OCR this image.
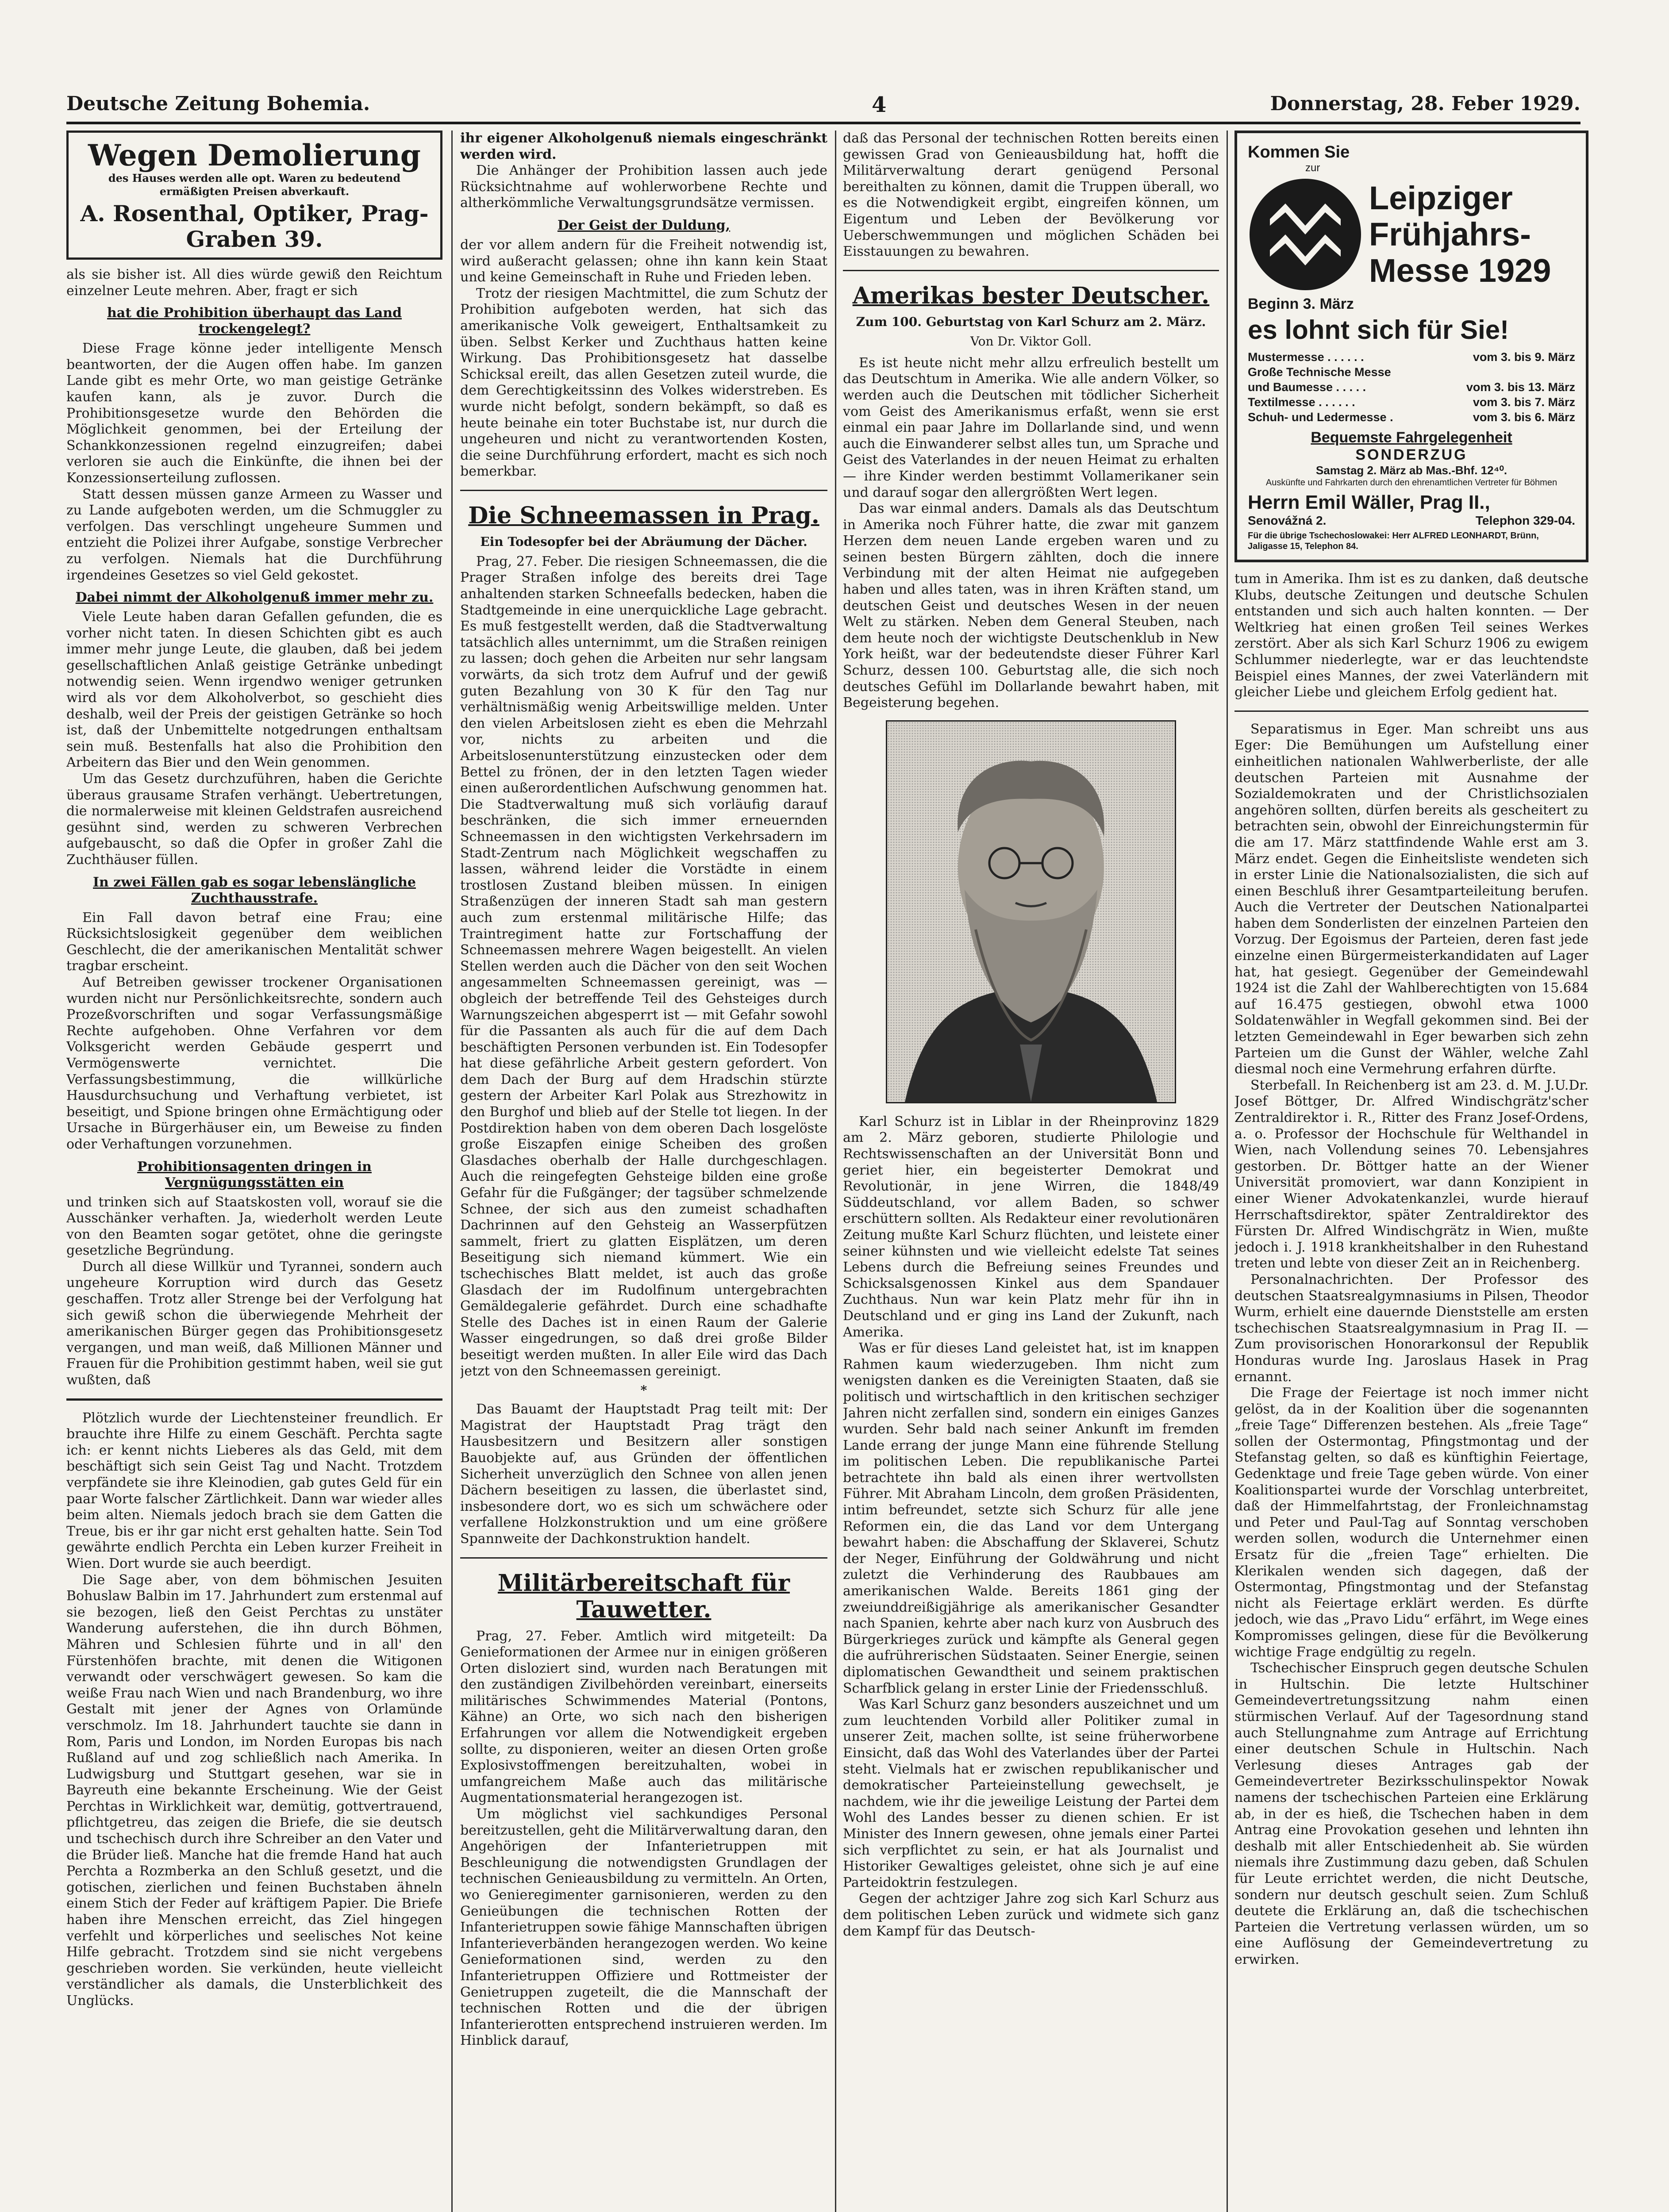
Deutsche Zeitung Bohemia.	4	Donnerstag, 28. Feber 1929.
Wegen Demolierung
des Hauses werden alle opt. Waren zu bedeutend ermäßigten Preisen abverkauft.
A. Rosenthal, Optiker, Prag-Graben 39.

als sie bisher ist. All dies würde gewiß den Reichtum einzelner Leute mehren. Aber, fragt er sich

hat die Prohibition überhaupt das Land trockengelegt?

Diese Frage könne jeder intelligente Mensch beantworten, der die Augen offen habe. Im ganzen Lande gibt es mehr Orte, wo man geistige Getränke kaufen kann, als je zuvor. Durch die Prohibitionsgesetze wurde den Behörden die Möglichkeit genommen, bei der Erteilung der Schankkonzessionen regelnd einzugreifen; dabei verloren sie auch die Einkünfte, die ihnen bei der Konzessionserteilung zuflossen.

Statt dessen müssen ganze Armeen zu Wasser und zu Lande aufgeboten werden, um die Schmuggler zu verfolgen. Das verschlingt ungeheure Summen und entzieht die Polizei ihrer Aufgabe, sonstige Verbrecher zu verfolgen. Niemals hat die Durchführung irgendeines Gesetzes so viel Geld gekostet.

Dabei nimmt der Alkoholgenuß immer mehr zu.

Viele Leute haben daran Gefallen gefunden, die es vorher nicht taten. In diesen Schichten gibt es auch immer mehr junge Leute, die glauben, daß bei jedem gesellschaftlichen Anlaß geistige Getränke unbedingt notwendig seien. Wenn irgendwo weniger getrunken wird als vor dem Alkoholverbot, so geschieht dies deshalb, weil der Preis der geistigen Getränke so hoch ist, daß der Unbemittelte notgedrungen enthaltsam sein muß. Bestenfalls hat also die Prohibition den Arbeitern das Bier und den Wein genommen.

Um das Gesetz durchzuführen, haben die Gerichte überaus grausame Strafen verhängt. Uebertretungen, die normalerweise mit kleinen Geldstrafen ausreichend gesühnt sind, werden zu schweren Verbrechen aufgebauscht, so daß die Opfer in großer Zahl die Zuchthäuser füllen.

In zwei Fällen gab es sogar lebenslängliche Zuchthausstrafe.

Ein Fall davon betraf eine Frau; eine Rücksichtslosigkeit gegenüber dem weiblichen Geschlecht, die der amerikanischen Mentalität schwer tragbar erscheint.

Auf Betreiben gewisser trockener Organisationen wurden nicht nur Persönlichkeitsrechte, sondern auch Prozeßvorschriften und sogar Verfassungsmäßige Rechte aufgehoben. Ohne Verfahren vor dem Volksgericht werden Gebäude gesperrt und Vermögenswerte vernichtet. Die Verfassungsbestimmung, die willkürliche Hausdurchsuchung und Verhaftung verbietet, ist beseitigt, und Spione bringen ohne Ermächtigung oder Ursache in Bürgerhäuser ein, um Beweise zu finden oder Verhaftungen vorzunehmen.

Prohibitionsagenten dringen in Vergnügungsstätten ein

und trinken sich auf Staatskosten voll, worauf sie die Ausschänker verhaften. Ja, wiederholt werden Leute von den Beamten sogar getötet, ohne die geringste gesetzliche Begründung.

Durch all diese Willkür und Tyrannei, sondern auch ungeheure Korruption wird durch das Gesetz geschaffen. Trotz aller Strenge bei der Verfolgung hat sich gewiß schon die überwiegende Mehrheit der amerikanischen Bürger gegen das Prohibitionsgesetz vergangen, und man weiß, daß Millionen Männer und Frauen für die Prohibition gestimmt haben, weil sie gut wußten, daß

Plötzlich wurde der Liechtensteiner freundlich. Er brauchte ihre Hilfe zu einem Geschäft. Perchta sagte ich: er kennt nichts Lieberes als das Geld, mit dem beschäftigt sich sein Geist Tag und Nacht. Trotzdem verpfändete sie ihre Kleinodien, gab gutes Geld für ein paar Worte falscher Zärtlichkeit. Dann war wieder alles beim alten. Niemals jedoch brach sie dem Gatten die Treue, bis er ihr gar nicht erst gehalten hatte. Sein Tod gewährte endlich Perchta ein Leben kurzer Freiheit in Wien. Dort wurde sie auch beerdigt.

Die Sage aber, von dem böhmischen Jesuiten Bohuslaw Balbin im 17. Jahrhundert zum erstenmal auf sie bezogen, ließ den Geist Perchtas zu unstäter Wanderung auferstehen, die ihn durch Böhmen, Mähren und Schlesien führte und in all' den Fürstenhöfen brachte, mit denen die Witigonen verwandt oder verschwägert gewesen. So kam die weiße Frau nach Wien und nach Brandenburg, wo ihre Gestalt mit jener der Agnes von Orlamünde verschmolz. Im 18. Jahrhundert tauchte sie dann in Rom, Paris und London, im Norden Europas bis nach Rußland auf und zog schließlich nach Amerika. In Ludwigsburg und Stuttgart gesehen, war sie in Bayreuth eine bekannte Erscheinung. Wie der Geist Perchtas in Wirklichkeit war, demütig, gottvertrauend, pflichtgetreu, das zeigen die Briefe, die sie deutsch und tschechisch durch ihre Schreiber an den Vater und die Brüder ließ. Manche hat die fremde Hand hat auch Perchta a Rozmberka an den Schluß gesetzt, und die gotischen, zierlichen und feinen Buchstaben ähneln einem Stich der Feder auf kräftigem Papier. Die Briefe haben ihre Menschen erreicht, das Ziel hingegen verfehlt und körperliches und seelisches Not keine Hilfe gebracht. Trotzdem sind sie nicht vergebens geschrieben worden. Sie verkünden, heute vielleicht verständlicher als damals, die Unsterblichkeit des Unglücks.

ihr eigener Alkoholgenuß niemals eingeschränkt werden wird.

Die Anhänger der Prohibition lassen auch jede Rücksichtnahme auf wohlerworbene Rechte und altherkömmliche Verwaltungsgrundsätze vermissen.

Der Geist der Duldung,

der vor allem andern für die Freiheit notwendig ist, wird außeracht gelassen; ohne ihn kann kein Staat und keine Gemeinschaft in Ruhe und Frieden leben.

Trotz der riesigen Machtmittel, die zum Schutz der Prohibition aufgeboten werden, hat sich das amerikanische Volk geweigert, Enthaltsamkeit zu üben. Selbst Kerker und Zuchthaus hatten keine Wirkung. Das Prohibitionsgesetz hat dasselbe Schicksal ereilt, das allen Gesetzen zuteil wurde, die dem Gerechtigkeitssinn des Volkes widerstreben. Es wurde nicht befolgt, sondern bekämpft, so daß es heute beinahe ein toter Buchstabe ist, nur durch die ungeheuren und nicht zu verantwortenden Kosten, die seine Durchführung erfordert, macht es sich noch bemerkbar.

Die Schneemassen in Prag.
Ein Todesopfer bei der Abräumung der Dächer.

Prag, 27. Feber. Die riesigen Schneemassen, die die Prager Straßen infolge des bereits drei Tage anhaltenden starken Schneefalls bedecken, haben die Stadtgemeinde in eine unerquickliche Lage gebracht. Es muß festgestellt werden, daß die Stadtverwaltung tatsächlich alles unternimmt, um die Straßen reinigen zu lassen; doch gehen die Arbeiten nur sehr langsam vorwärts, da sich trotz dem Aufruf und der gewiß guten Bezahlung von 30 K für den Tag nur verhältnismäßig wenig Arbeitswillige melden. Unter den vielen Arbeitslosen zieht es eben die Mehrzahl vor, nichts zu arbeiten und die Arbeitslosenunterstützung einzustecken oder dem Bettel zu frönen, der in den letzten Tagen wieder einen außerordentlichen Aufschwung genommen hat. Die Stadtverwaltung muß sich vorläufig darauf beschränken, die sich immer erneuernden Schneemassen in den wichtigsten Verkehrsadern im Stadt-Zentrum nach Möglichkeit wegschaffen zu lassen, während leider die Vorstädte in einem trostlosen Zustand bleiben müssen. In einigen Straßenzügen der inneren Stadt sah man gestern auch zum erstenmal militärische Hilfe; das Traintregiment hatte zur Fortschaffung der Schneemassen mehrere Wagen beigestellt. An vielen Stellen werden auch die Dächer von den seit Wochen angesammelten Schneemassen gereinigt, was — obgleich der betreffende Teil des Gehsteiges durch Warnungszeichen abgesperrt ist — mit Gefahr sowohl für die Passanten als auch für die auf dem Dach beschäftigten Personen verbunden ist. Ein Todesopfer hat diese gefährliche Arbeit gestern gefordert. Von dem Dach der Burg auf dem Hradschin stürzte gestern der Arbeiter Karl Polak aus Strezhowitz in den Burghof und blieb auf der Stelle tot liegen. In der Postdirektion haben von dem oberen Dach losgelöste große Eiszapfen einige Scheiben des großen Glasdaches oberhalb der Halle durchgeschlagen. Auch die reingefegten Gehsteige bilden eine große Gefahr für die Fußgänger; der tagsüber schmelzende Schnee, der sich aus den zumeist schadhaften Dachrinnen auf den Gehsteig an Wasserpfützen sammelt, friert zu glatten Eisplätzen, um deren Beseitigung sich niemand kümmert. Wie ein tschechisches Blatt meldet, ist auch das große Glasdach der im Rudolfinum untergebrachten Gemäldegalerie gefährdet. Durch eine schadhafte Stelle des Daches ist in einen Raum der Galerie Wasser eingedrungen, so daß drei große Bilder beseitigt werden mußten. In aller Eile wird das Dach jetzt von den Schneemassen gereinigt.

*

Das Bauamt der Hauptstadt Prag teilt mit: Der Magistrat der Hauptstadt Prag trägt den Hausbesitzern und Besitzern aller sonstigen Bauobjekte auf, aus Gründen der öffentlichen Sicherheit unverzüglich den Schnee von allen jenen Dächern beseitigen zu lassen, die überlastet sind, insbesondere dort, wo es sich um schwächere oder verfallene Holzkonstruktion und um eine größere Spannweite der Dachkonstruktion handelt.

Militärbereitschaft für Tauwetter.

Prag, 27. Feber. Amtlich wird mitgeteilt: Da Genieformationen der Armee nur in einigen größeren Orten disloziert sind, wurden nach Beratungen mit den zuständigen Zivilbehörden vereinbart, einerseits militärisches Schwimmendes Material (Pontons, Kähne) an Orte, wo sich nach den bisherigen Erfahrungen vor allem die Notwendigkeit ergeben sollte, zu disponieren, weiter an diesen Orten große Explosivstoffmengen bereitzuhalten, wobei in umfangreichem Maße auch das militärische Augmentationsmaterial herangezogen ist.

Um möglichst viel sachkundiges Personal bereitzustellen, geht die Militärverwaltung daran, den Angehörigen der Infanterietruppen mit Beschleunigung die notwendigsten Grundlagen der technischen Genieausbildung zu vermitteln. An Orten, wo Genieregimenter garnisonieren, werden zu den Genieübungen die technischen Rotten der Infanterietruppen sowie fähige Mannschaften übrigen Infanterieverbänden herangezogen werden. Wo keine Genieformationen sind, werden zu den Infanterietruppen Offiziere und Rottmeister der Genietruppen zugeteilt, die die Mannschaft der technischen Rotten und die der übrigen Infanterierotten entsprechend instruieren werden. Im Hinblick darauf,

daß das Personal der technischen Rotten bereits einen gewissen Grad von Genieausbildung hat, hofft die Militärverwaltung derart genügend Personal bereithalten zu können, damit die Truppen überall, wo es die Notwendigkeit ergibt, eingreifen können, um Eigentum und Leben der Bevölkerung vor Ueberschwemmungen und möglichen Schäden bei Eisstauungen zu bewahren.

Amerikas bester Deutscher.
Zum 100. Geburtstag von Karl Schurz am 2. März.
Von Dr. Viktor Goll.

Es ist heute nicht mehr allzu erfreulich bestellt um das Deutschtum in Amerika. Wie alle andern Völker, so werden auch die Deutschen mit tödlicher Sicherheit vom Geist des Amerikanismus erfaßt, wenn sie erst einmal ein paar Jahre im Dollarlande sind, und wenn auch die Einwanderer selbst alles tun, um Sprache und Geist des Vaterlandes in der neuen Heimat zu erhalten — ihre Kinder werden bestimmt Vollamerikaner sein und darauf sogar den allergrößten Wert legen.

Das war einmal anders. Damals als das Deutschtum in Amerika noch Führer hatte, die zwar mit ganzem Herzen dem neuen Lande ergeben waren und zu seinen besten Bürgern zählten, doch die innere Verbindung mit der alten Heimat nie aufgegeben haben und alles taten, was in ihren Kräften stand, um deutschen Geist und deutsches Wesen in der neuen Welt zu stärken. Neben dem General Steuben, nach dem heute noch der wichtigste Deutschenklub in New York heißt, war der bedeutendste dieser Führer Karl Schurz, dessen 100. Geburtstag alle, die sich noch deutsches Gefühl im Dollarlande bewahrt haben, mit Begeisterung begehen.

Karl Schurz ist in Liblar in der Rheinprovinz 1829 am 2. März geboren, studierte Philologie und Rechtswissenschaften an der Universität Bonn und geriet hier, ein begeisterter Demokrat und Revolutionär, in jene Wirren, die 1848/49 Süddeutschland, vor allem Baden, so schwer erschüttern sollten. Als Redakteur einer revolutionären Zeitung mußte Karl Schurz flüchten, und leistete einer seiner kühnsten und wie vielleicht edelste Tat seines Lebens durch die Befreiung seines Freundes und Schicksalsgenossen Kinkel aus dem Spandauer Zuchthaus. Nun war kein Platz mehr für ihn in Deutschland und er ging ins Land der Zukunft, nach Amerika.

Was er für dieses Land geleistet hat, ist im knappen Rahmen kaum wiederzugeben. Ihm nicht zum wenigsten danken es die Vereinigten Staaten, daß sie politisch und wirtschaftlich in den kritischen sechziger Jahren nicht zerfallen sind, sondern ein einiges Ganzes wurden. Sehr bald nach seiner Ankunft im fremden Lande errang der junge Mann eine führende Stellung im politischen Leben. Die republikanische Partei betrachtete ihn bald als einen ihrer wertvollsten Führer. Mit Abraham Lincoln, dem großen Präsidenten, intim befreundet, setzte sich Schurz für alle jene Reformen ein, die das Land vor dem Untergang bewahrt haben: die Abschaffung der Sklaverei, Schutz der Neger, Einführung der Goldwährung und nicht zuletzt die Verhinderung des Raubbaues am amerikanischen Walde. Bereits 1861 ging der zweiunddreißigjährige als amerikanischer Gesandter nach Spanien, kehrte aber nach kurz von Ausbruch des Bürgerkrieges zurück und kämpfte als General gegen die aufrührerischen Südstaaten. Seiner Energie, seinen diplomatischen Gewandtheit und seinem praktischen Scharfblick gelang in erster Linie der Friedensschluß.

Was Karl Schurz ganz besonders auszeichnet und um zum leuchtenden Vorbild aller Politiker zumal in unserer Zeit, machen sollte, ist seine früherworbene Einsicht, daß das Wohl des Vaterlandes über der Partei steht. Vielmals hat er zwischen republikanischer und demokratischer Parteieinstellung gewechselt, je nachdem, wie ihr die jeweilige Leistung der Partei dem Wohl des Landes besser zu dienen schien. Er ist Minister des Innern gewesen, ohne jemals einer Partei sich verpflichtet zu sein, er hat als Journalist und Historiker Gewaltiges geleistet, ohne sich je auf eine Parteidoktrin festzulegen.

Gegen der achtziger Jahre zog sich Karl Schurz aus dem politischen Leben zurück und widmete sich ganz dem Kampf für das Deutsch-

Kommen Sie
zur
Leipziger
Frühjahrs-
Messe 1929
Beginn 3. März
es lohnt sich für Sie!
Mustermesse . . . . . .	vom 3. bis 9. März
Große Technische Messe
und Baumesse . . . . .	vom 3. bis 13. März
Textilmesse . . . . . .	vom 3. bis 7. März
Schuh- und Ledermesse .	vom 3. bis 6. März
Bequemste Fahrgelegenheit
SONDERZUG
Samstag 2. März ab Mas.-Bhf. 12⁴⁰.
Auskünfte und Fahrkarten durch den ehrenamtlichen Vertreter für Böhmen
Herrn Emil Wäller, Prag II.,
Senovážná 2.	Telephon 329-04.
Für die übrige Tschechoslowakei: Herr ALFRED LEONHARDT, Brünn, Jaligasse 15, Telephon 84.

tum in Amerika. Ihm ist es zu danken, daß deutsche Klubs, deutsche Zeitungen und deutsche Schulen entstanden und sich auch halten konnten. — Der Weltkrieg hat einen großen Teil seines Werkes zerstört. Aber als sich Karl Schurz 1906 zu ewigem Schlummer niederlegte, war er das leuchtendste Beispiel eines Mannes, der zwei Vaterländern mit gleicher Liebe und gleichem Erfolg gedient hat.

Separatismus in Eger. Man schreibt uns aus Eger: Die Bemühungen um Aufstellung einer einheitlichen nationalen Wahlwerberliste, der alle deutschen Parteien mit Ausnahme der Sozialdemokraten und der Christlichsozialen angehören sollten, dürfen bereits als gescheitert zu betrachten sein, obwohl der Einreichungstermin für die am 17. März stattfindende Wahle erst am 3. März endet. Gegen die Einheitsliste wendeten sich in erster Linie die Nationalsozialisten, die sich auf einen Beschluß ihrer Gesamtparteileitung berufen. Auch die Vertreter der Deutschen Nationalpartei haben dem Sonderlisten der einzelnen Parteien den Vorzug. Der Egoismus der Parteien, deren fast jede einzelne einen Bürgermeisterkandidaten auf Lager hat, hat gesiegt. Gegenüber der Gemeindewahl 1924 ist die Zahl der Wahlberechtigten von 15.684 auf 16.475 gestiegen, obwohl etwa 1000 Soldatenwähler in Wegfall gekommen sind. Bei der letzten Gemeindewahl in Eger bewarben sich zehn Parteien um die Gunst der Wähler, welche Zahl diesmal noch eine Vermehrung erfahren dürfte.

Sterbefall. In Reichenberg ist am 23. d. M. J.U.Dr. Josef Böttger, Dr. Alfred Windischgrätz'scher Zentraldirektor i. R., Ritter des Franz Josef-Ordens, a. o. Professor der Hochschule für Welthandel in Wien, nach Vollendung seines 70. Lebensjahres gestorben. Dr. Böttger hatte an der Wiener Universität promoviert, war dann Konzipient in einer Wiener Advokatenkanzlei, wurde hierauf Herrschaftsdirektor, später Zentraldirektor des Fürsten Dr. Alfred Windischgrätz in Wien, mußte jedoch i. J. 1918 krankheitshalber in den Ruhestand treten und lebte von dieser Zeit an in Reichenberg.

Personalnachrichten. Der Professor des deutschen Staatsrealgymnasiums in Pilsen, Theodor Wurm, erhielt eine dauernde Dienststelle am ersten tschechischen Staatsrealgymnasium in Prag II. — Zum provisorischen Honorarkonsul der Republik Honduras wurde Ing. Jaroslaus Hasek in Prag ernannt.

Die Frage der Feiertage ist noch immer nicht gelöst, da in der Koalition über die sogenannten „freie Tage“ Differenzen bestehen. Als „freie Tage“ sollen der Ostermontag, Pfingstmontag und der Stefanstag gelten, so daß es künftighin Feiertage, Gedenktage und freie Tage geben würde. Von einer Koalitionspartei wurde der Vorschlag unterbreitet, daß der Himmelfahrtstag, der Fronleichnamstag und Peter und Paul-Tag auf Sonntag verschoben werden sollen, wodurch die Unternehmer einen Ersatz für die „freien Tage“ erhielten. Die Klerikalen wenden sich dagegen, daß der Ostermontag, Pfingstmontag und der Stefanstag nicht als Feiertage erklärt werden. Es dürfte jedoch, wie das „Pravo Lidu“ erfährt, im Wege eines Kompromisses gelingen, diese für die Bevölkerung wichtige Frage endgültig zu regeln.

Tschechischer Einspruch gegen deutsche Schulen in Hultschin. Die letzte Hultschiner Gemeindevertretungssitzung nahm einen stürmischen Verlauf. Auf der Tagesordnung stand auch Stellungnahme zum Antrage auf Errichtung einer deutschen Schule in Hultschin. Nach Verlesung dieses Antrages gab der Gemeindevertreter Bezirksschulinspektor Nowak namens der tschechischen Parteien eine Erklärung ab, in der es hieß, die Tschechen haben in dem Antrag eine Provokation gesehen und lehnten ihn deshalb mit aller Entschiedenheit ab. Sie würden niemals ihre Zustimmung dazu geben, daß Schulen für Leute errichtet werden, die nicht Deutsche, sondern nur deutsch geschult seien. Zum Schluß deutete die Erklärung an, daß die tschechischen Parteien die Vertretung verlassen würden, um so eine Auflösung der Gemeindevertretung zu erwirken.
